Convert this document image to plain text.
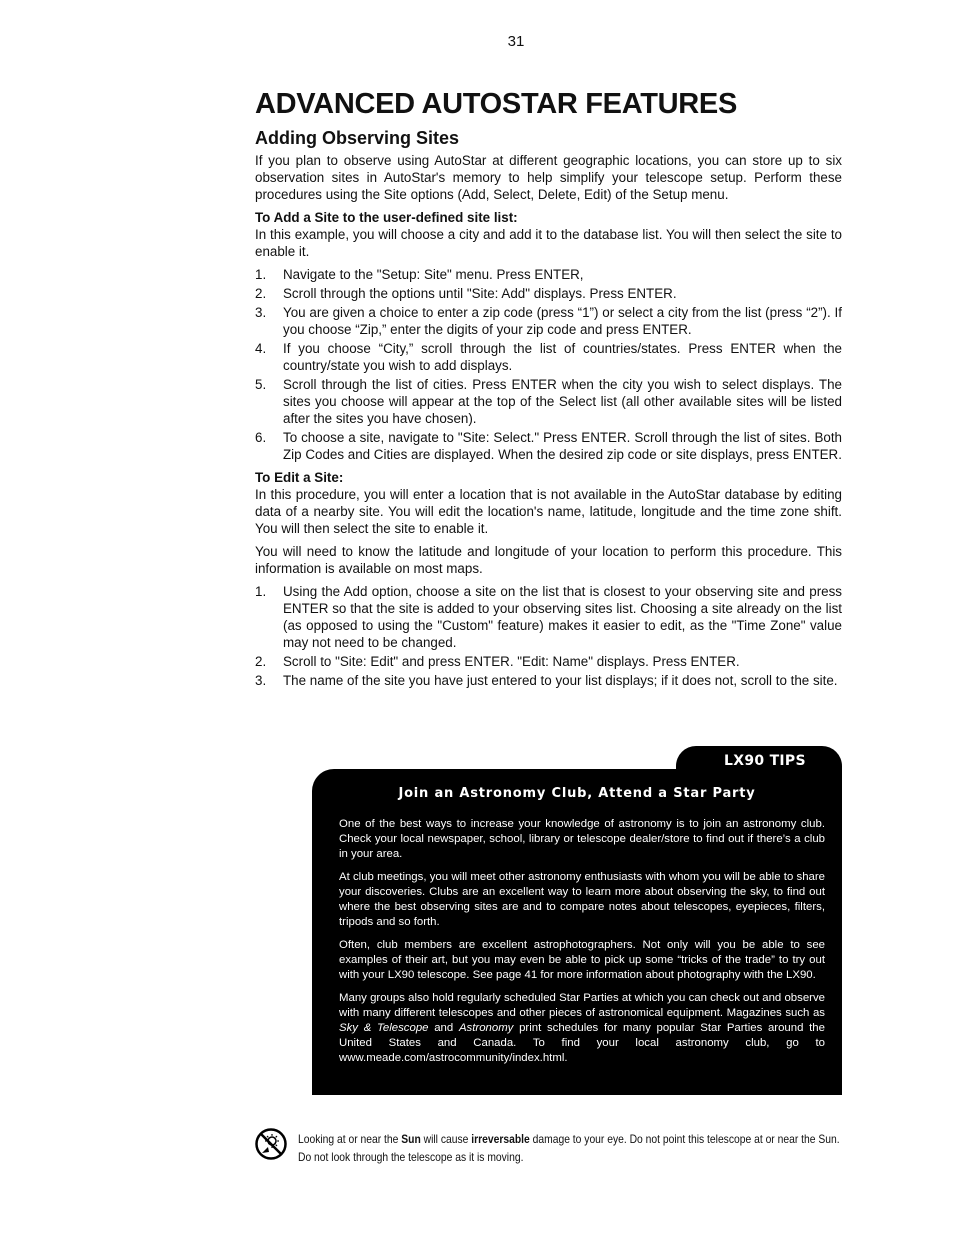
31
ADVANCED AUTOSTAR FEATURES
Adding Observing Sites

If you plan to observe using AutoStar at different geographic locations, you can store up to six observation sites in AutoStar's memory to help simplify your telescope setup. Perform these procedures using the Site options (Add, Select, Delete, Edit) of the Setup menu.

To Add a Site to the user-defined site list:

In this example, you will choose a city and add it to the database list. You will then select the site to enable it.

1. Navigate to the "Setup: Site" menu. Press ENTER,
2. Scroll through the options until "Site: Add" displays. Press ENTER.
3. You are given a choice to enter a zip code (press “1”) or select a city from the list (press “2”). If you choose “Zip,” enter the digits of your zip code and press ENTER.
4. If you choose “City,” scroll through the list of countries/states. Press ENTER when the country/state you wish to add displays.
5. Scroll through the list of cities. Press ENTER when the city you wish to select displays. The sites you choose will appear at the top of the Select list (all other available sites will be listed after the sites you have chosen).
6. To choose a site, navigate to "Site: Select." Press ENTER. Scroll through the list of sites. Both Zip Codes and Cities are displayed. When the desired zip code or site displays, press ENTER.
To Edit a Site:

In this procedure, you will enter a location that is not available in the AutoStar database by editing data of a nearby site. You will edit the location's name, latitude, longitude and the time zone shift. You will then select the site to enable it.

You will need to know the latitude and longitude of your location to perform this procedure. This information is available on most maps.

1. Using the Add option, choose a site on the list that is closest to your observing site and press ENTER so that the site is added to your observing sites list. Choosing a site already on the list (as opposed to using the "Custom" feature) makes it easier to edit, as the "Time Zone" value may not need to be changed.
2. Scroll to "Site: Edit" and press ENTER. "Edit: Name" displays. Press ENTER.
3. The name of the site you have just entered to your list displays; if it does not, scroll to the site.
LX90 TIPS
Join an Astronomy Club, Attend a Star Party

One of the best ways to increase your knowledge of astronomy is to join an astronomy club. Check your local newspaper, school, library or telescope dealer/store to find out if there’s a club in your area.

At club meetings, you will meet other astronomy enthusiasts with whom you will be able to share your discoveries. Clubs are an excellent way to learn more about observing the sky, to find out where the best observing sites are and to compare notes about telescopes, eyepieces, filters, tripods and so forth.

Often, club members are excellent astrophotographers. Not only will you be able to see examples of their art, but you may even be able to pick up some “tricks of the trade” to try out with your LX90 telescope. See page 41 for more information about photography with the LX90.

Many groups also hold regularly scheduled Star Parties at which you can check out and observe with many different telescopes and other pieces of astronomical equipment. Magazines such as Sky & Telescope and Astronomy print schedules for many popular Star Parties around the United States and Canada. To find your local astronomy club, go to www.meade.com/astrocommunity/index.html.

Looking at or near the Sun will cause irreversable damage to your eye. Do not point this telescope at or near the Sun. Do not look through the telescope as it is moving.
